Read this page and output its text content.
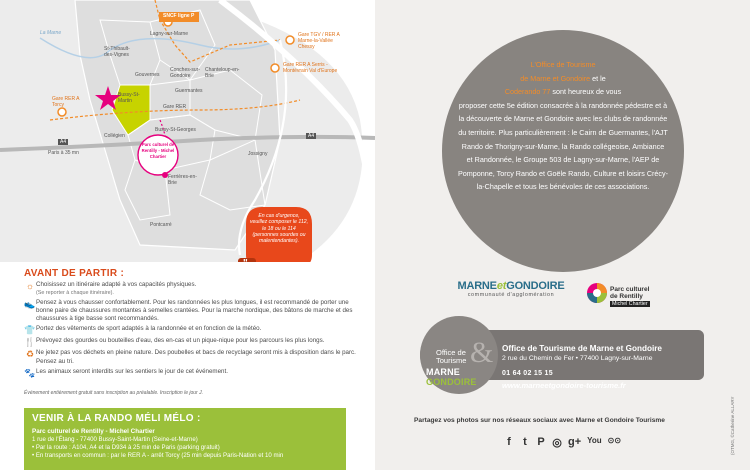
SNCF ligne P
Lagny-sur-Marne	Gare TGV / RER A Marne-la-Vallée Chessy
Gare RER A Serris - Montévrain Val d'Europe
St-Thibault-des-Vignes
Gouvernes
Conches-sur-Gondoire
Chanteloup-en-Brie
Guermantes
Gare RER A Torcy
Bussy-St-Martin
Gare RER
Bussy-St-Georges
Collégien
A4
A4
Paris à 35 mn	Jossigny
Ferrières-en-Brie
Pontcarré
La Marne
Parc culturel de Rentilly - Michel Chartier
En cas d'urgence, veuillez composer le 112, le 18 ou le 114 (personnes sourdes ou malentendantes).
"
AVANT DE PARTIR :
☼ Choisissez un itinéraire adapté à vos capacités physiques.
(Se reporter à chaque itinéraire).
👟 Pensez à vous chausser confortablement. Pour les randonnées les plus longues, il est recommandé de porter une bonne paire de chaussures montantes à semelles crantées. Pour la marche nordique, des bâtons de marche et des chaussures à tige basse sont recommandés.
👕 Portez des vêtements de sport adaptés à la randonnée et en fonction de la météo.
🍴 Prévoyez des gourdes ou bouteilles d'eau, des en-cas et un pique-nique pour les parcours les plus longs.
♻ Ne jetez pas vos déchets en pleine nature. Des poubelles et bacs de recyclage seront mis à disposition dans le parc. Pensez au tri.
🐾 Les animaux seront interdits sur les sentiers le jour de cet événement.
Événement entièrement gratuit sans inscription au préalable. Inscription le jour J.
VENIR À LA RANDO MÉLI MÉLO :
Parc culturel de Rentilly - Michel Chartier
1 rue de l'Étang - 77400 Bussy-Saint-Martin (Seine-et-Marne)
• Par la route : A104, A4 et la D934 à 25 min de Paris (parking gratuit)
• En transports en commun : par le RER A - arrêt Torcy (25 min depuis Paris-Nation et 10 min
L'Office de Tourisme
de Marne et Gondoire et le
Coderando 77 sont heureux de vous
proposer cette 5e édition consacrée à la randonnée pédestre et à la découverte de Marne et Gondoire avec les clubs de randonnée du territoire. Plus particulièrement : le Cairn de Guermantes, l'AJT Rando de Thorigny-sur-Marne, la Rando collégeoise, Ambiance et Randonnée, le Groupe 503 de Lagny-sur-Marne, l'AEP de Pomponne, Torcy Rando et Goële Rando, Culture et loisirs Crécy-la-Chapelle et tous les bénévoles de ces associations.
MARNEetGONDOIRE
communauté d'agglomération
Parc culturel
de Rentilly
Michel Chartier
&
Office de
Tourisme
MARNE
GONDOIRE
Office de Tourisme de Marne et Gondoire
2 rue du Chemin de Fer • 77400 Lagny-sur-Marne
01 64 02 15 15
www.marneetgondoire-tourisme.fr
Partagez vos photos sur nos réseaux sociaux avec Marne et Gondoire Tourisme
f t P ◎ g+ You ⊙⊙	(OTMG, ©Catherine ALLARY
